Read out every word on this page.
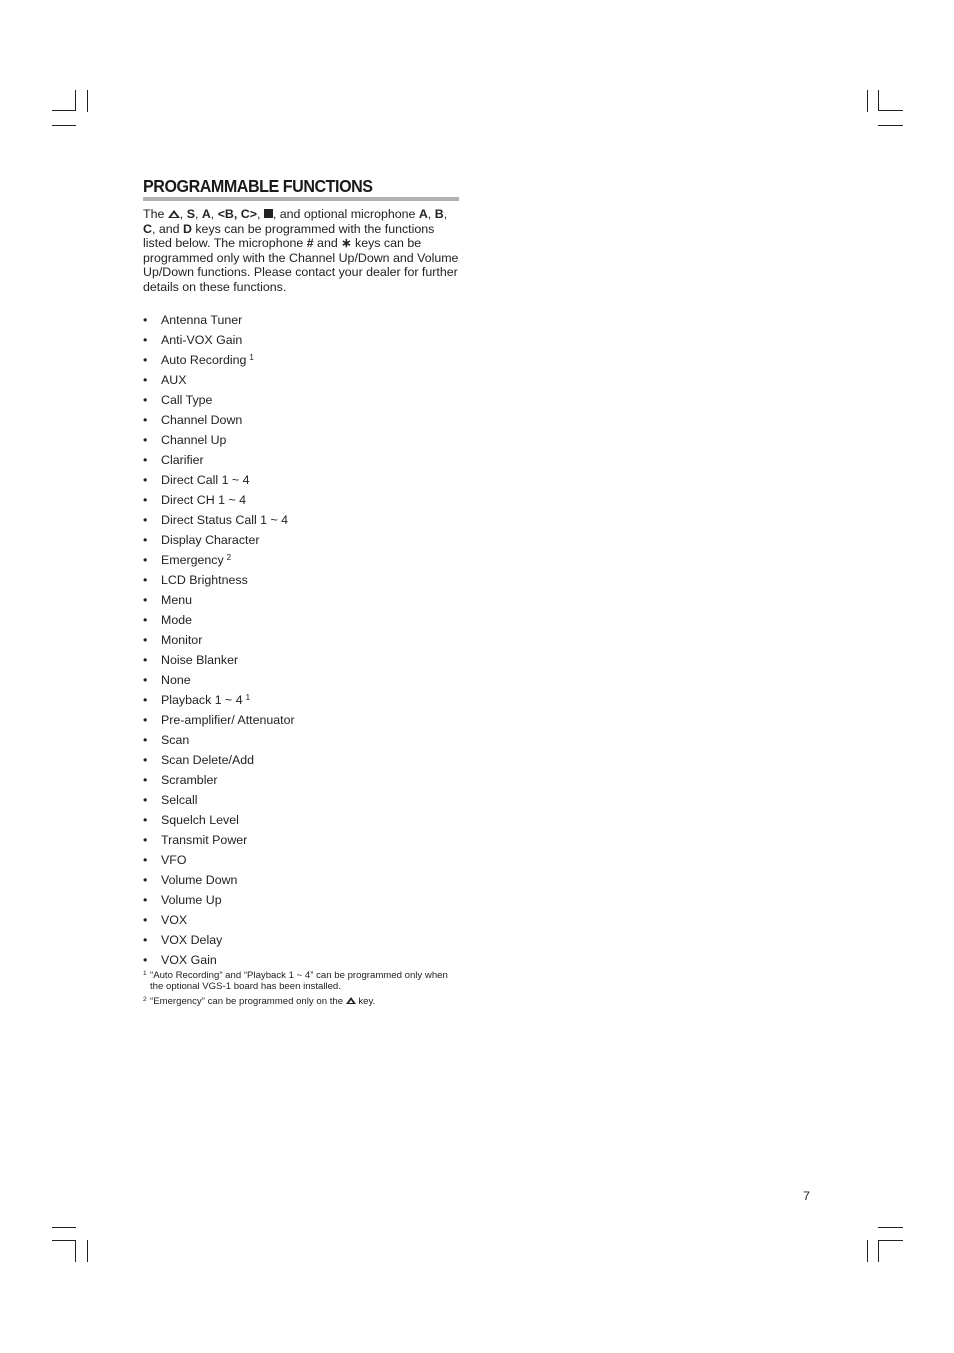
PROGRAMMABLE FUNCTIONS

The , S, A, <B, C>, , and optional microphone A, B, C, and D keys can be programmed with the functions listed below. The microphone # and ∗ keys can be programmed only with the Channel Up/Down and Volume Up/Down functions. Please contact your dealer for further details on these functions.

• Antenna Tuner
• Anti-VOX Gain
• Auto Recording $^1$
• AUX
• Call Type
• Channel Down
• Channel Up
• Clarifier
• Direct Call 1 ~ 4
• Direct CH 1 ~ 4
• Direct Status Call 1 ~ 4
• Display Character
• Emergency $^2$
• LCD Brightness
• Menu
• Mode
• Monitor
• Noise Blanker
• None
• Playback 1 ~ 4 $^1$
• Pre-amplifier/ Attenuator
• Scan
• Scan Delete/Add
• Scrambler
• Selcall
• Squelch Level
• Transmit Power
• VFO
• Volume Down
• Volume Up
• VOX
• VOX Delay
• VOX Gain

1 “Auto Recording” and “Playback 1 ~ 4” can be programmed only when the optional VGS-1 board has been installed.

2 “Emergency” can be programmed only on the  key.

7
